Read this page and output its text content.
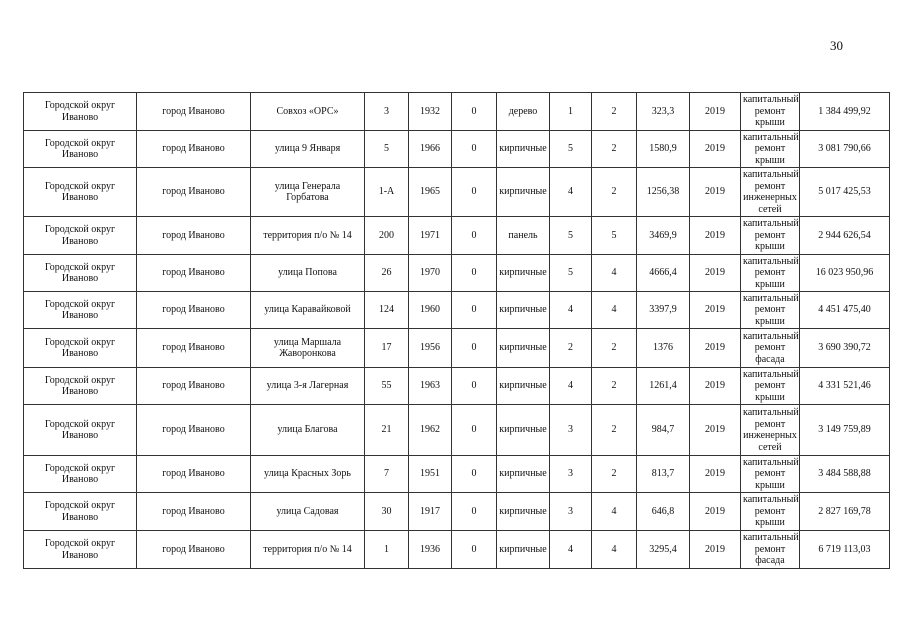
30
Городской округ Иваново	город Иваново	Совхоз «ОРС»	3	1932	0	дерево	1	2	323,3	2019	капитальный ремонт крыши	1 384 499,92
Городской округ Иваново	город Иваново	улица 9 Января	5	1966	0	кирпичные	5	2	1580,9	2019	капитальный ремонт крыши	3 081 790,66
Городской округ Иваново	город Иваново	улица Генерала Горбатова	1-А	1965	0	кирпичные	4	2	1256,38	2019	капитальный ремонт инженерных сетей	5 017 425,53
Городской округ Иваново	город Иваново	территория п/о № 14	200	1971	0	панель	5	5	3469,9	2019	капитальный ремонт крыши	2 944 626,54
Городской округ Иваново	город Иваново	улица Попова	26	1970	0	кирпичные	5	4	4666,4	2019	капитальный ремонт крыши	16 023 950,96
Городской округ Иваново	город Иваново	улица Каравайковой	124	1960	0	кирпичные	4	4	3397,9	2019	капитальный ремонт крыши	4 451 475,40
Городской округ Иваново	город Иваново	улица Маршала Жаворонкова	17	1956	0	кирпичные	2	2	1376	2019	капитальный ремонт фасада	3 690 390,72
Городской округ Иваново	город Иваново	улица 3-я Лагерная	55	1963	0	кирпичные	4	2	1261,4	2019	капитальный ремонт крыши	4 331 521,46
Городской округ Иваново	город Иваново	улица Благова	21	1962	0	кирпичные	3	2	984,7	2019	капитальный ремонт инженерных сетей	3 149 759,89
Городской округ Иваново	город Иваново	улица Красных Зорь	7	1951	0	кирпичные	3	2	813,7	2019	капитальный ремонт крыши	3 484 588,88
Городской округ Иваново	город Иваново	улица Садовая	30	1917	0	кирпичные	3	4	646,8	2019	капитальный ремонт крыши	2 827 169,78
Городской округ Иваново	город Иваново	территория п/о № 14	1	1936	0	кирпичные	4	4	3295,4	2019	капитальный ремонт фасада	6 719 113,03
